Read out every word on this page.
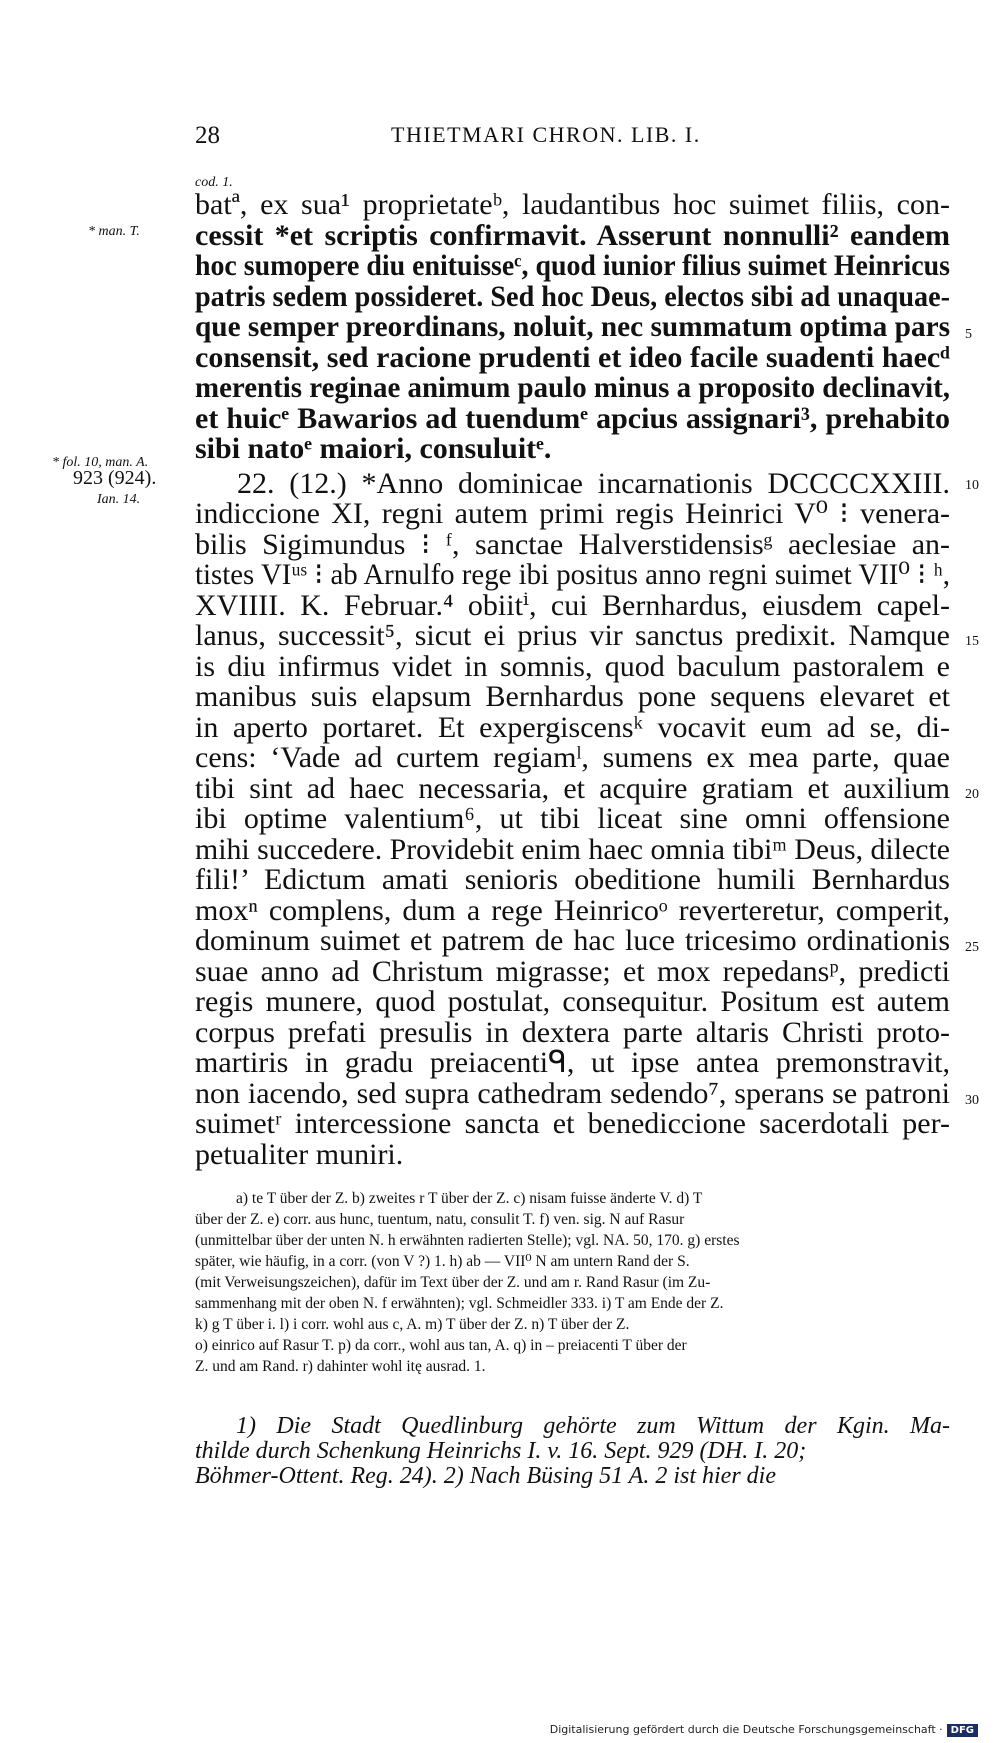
28	THIETMARI CHRON. LIB. I.
cod. 1.
* man. T.
* fol. 10, man. A.
923 (924).
Ian. 14.
batª, ex sua¹ proprietateᵇ, laudantibus hoc suimet filiis, con-
cessit *et scriptis confirmavit. Asserunt nonnulli² eandem
hoc sumopere diu enituisseᶜ, quod iunior filius suimet Heinricus
patris sedem possideret. Sed hoc Deus, electos sibi ad unaquae-
que semper preordinans, noluit, nec summatum optima pars
consensit, sed racione prudenti et ideo facile suadenti haecᵈ
merentis reginae animum paulo minus a proposito declinavit,
et huicᵉ Bawarios ad tuendumᵉ apcius assignari³, prehabito
sibi natoᵉ maiori, consuluitᵉ.
22. (12.) *Anno dominicae incarnationis DCCCCXXIII.
indiccione XI, regni autem primi regis Heinrici V⁰ ⁝ venera-
bilis Sigimundus ⁝ ᶠ, sanctae Halverstidensisᵍ aeclesiae an-
tistes VIᵘˢ ⁝ ab Arnulfo rege ibi positus anno regni suimet VII⁰ ⁝ ʰ,
XVIIII. K. Februar.⁴ obiitⁱ, cui Bernhardus, eiusdem capel-
lanus, successit⁵, sicut ei prius vir sanctus predixit. Namque
is diu infirmus videt in somnis, quod baculum pastoralem e
manibus suis elapsum Bernhardus pone sequens elevaret et
in aperto portaret. Et expergiscensᵏ vocavit eum ad se, di-
cens: ‘Vade ad curtem regiamˡ, sumens ex mea parte, quae
tibi sint ad haec necessaria, et acquire gratiam et auxilium
ibi optime valentium⁶, ut tibi liceat sine omni offensione
mihi succedere. Providebit enim haec omnia tibiᵐ Deus, dilecte
fili!’ Edictum amati senioris obeditione humili Bernhardus
moxⁿ complens, dum a rege Heinricoᵒ reverteretur, comperit,
dominum suimet et patrem de hac luce tricesimo ordinationis
suae anno ad Christum migrasse; et mox repedansᵖ, predicti
regis munere, quod postulat, consequitur. Positum est autem
corpus prefati presulis in dextera parte altaris Christi proto-
martiris in gradu preiacentiᑫ, ut ipse antea premonstravit,
non iacendo, sed supra cathedram sedendo⁷, sperans se patroni
suimetʳ intercessione sancta et benediccione sacerdotali per-
petualiter muniri.
5
10
15
20
25
30
a) te T über der Z. b) zweites r T über der Z. c) nisam fuisse änderte V. d) T
über der Z. e) corr. aus hunc, tuentum, natu, consulit T. f) ven. sig. N auf Rasur
(unmittelbar über der unten N. h erwähnten radierten Stelle); vgl. NA. 50, 170. g) erstes
später, wie häufig, in a corr. (von V ?) 1. h) ab — VII⁰ N am untern Rand der S.
(mit Verweisungszeichen), dafür im Text über der Z. und am r. Rand Rasur (im Zu-
sammenhang mit der oben N. f erwähnten); vgl. Schmeidler 333. i) T am Ende der Z.
k) g T über i. l) i corr. wohl aus c, A. m) T über der Z. n) T über der Z.
o) einrico auf Rasur T. p) da corr., wohl aus tan, A. q) in – preiacenti T über der
Z. und am Rand. r) dahinter wohl itę ausrad. 1.
1) Die Stadt Quedlinburg gehörte zum Wittum der Kgin. Ma-
thilde durch Schenkung Heinrichs I. v. 16. Sept. 929 (DH. I. 20;
Böhmer-Ottent. Reg. 24). 2) Nach Büsing 51 A. 2 ist hier die
Digitalisierung gefördert durch die Deutsche Forschungsgemeinschaft · DFG
